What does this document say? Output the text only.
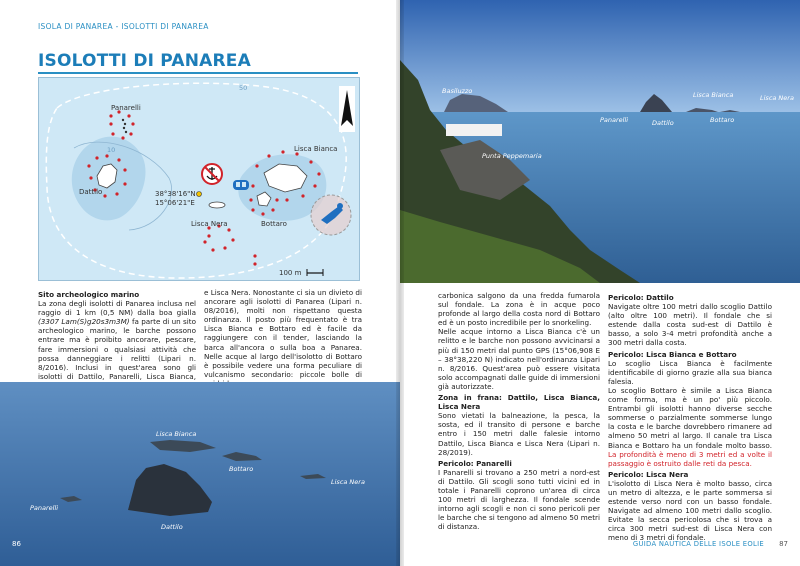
ISOLA DI PANAREA - ISOLOTTI DI PANAREA
ISOLOTTI DI PANAREA
Panarelli
Dattilo
Lisca Bianca
Lisca Nera	Bottaro
38°38'16"N
15°06'21"E
100 m
50
10

Sito archeologico marino

La zona degli isolotti di Panarea inclusa nel raggio di 1 km (0,5 NM) dalla boa gialla (3307 Lam(S)g20s3m3M) fa parte di un sito archeologico marino, le barche possono entrare ma è proibito ancorare, pescare, fare immersioni o qualsiasi attività che possa danneggiare i relitti (Lipari n. 8/2016). Inclusi in quest'area sono gli isolotti di Dattilo, Panarelli, Lisca Bianca,

e Lisca Nera. Nonostante ci sia un divieto di ancorare agli isolotti di Panarea (Lipari n. 08/2016), molti non rispettano questa ordinanza. Il posto più frequentato è tra Lisca Bianca e Bottaro ed è facile da raggiungere con il tender, lasciando la barca all'ancora o sulla boa a Panarea. Nelle acque al largo dell'isolotto di Bottaro è possibile vedere una forma peculiare di vulcanismo secondario: piccole bolle di

Lisca Bianca
Bottaro
Lisca Nera
Panarelli
Dattilo
86
Basiluzzo
Panarelli	Dattilo
Lisca Bianca
Bottaro
Lisca Nera
Punta Peppemaria

carbonica salgono da una fredda fumarola sul fondale. La zona è in acque poco profonde al largo della costa nord di Bottaro ed è un posto incredibile per lo snorkeling.

Nelle acque intorno a Lisca Bianca c'è un relitto e le barche non possono avvicinarsi a più di 150 metri dal punto GPS (15°06,908 E – 38°38,220 N) indicato nell'ordinanza Lipari n. 8/2016. Quest'area può essere visitata solo accompagnati dalle guide di immersioni già autorizzate.

Zona in frana: Dattilo, Lisca Bianca, Lisca Nera

Sono vietati la balneazione, la pesca, la sosta, ed il transito di persone e barche entro i 150 metri dalle falesie intorno Dattilo, Lisca Bianca e Lisca Nera (Lipari n. 28/2019).

Pericolo: Panarelli

I Panarelli si trovano a 250 metri a nord-est di Dattilo. Gli scogli sono tutti vicini ed in totale i Panarelli coprono un'area di circa 100 metri di larghezza. Il fondale scende intorno agli scogli e non ci sono pericoli per le barche che si tengono ad almeno 50 metri di distanza.

Pericolo: Dattilo

Navigate oltre 100 metri dallo scoglio Dattilo (alto oltre 100 metri). Il fondale che si estende dalla costa sud-est di Dattilo è basso, a solo 3-4 metri profondità anche a 300 metri dalla costa.

Pericolo: Lisca Bianca e Bottaro

Lo scoglio Lisca Bianca è facilmente identificabile di giorno grazie alla sua bianca falesia.

Lo scoglio Bottaro è simile a Lisca Bianca come forma, ma è un po' più piccolo. Entrambi gli isolotti hanno diverse secche sommerse o parzialmente sommerse lungo la costa e le barche dovrebbero rimanere ad almeno 50 metri al largo. Il canale tra Lisca Bianca e Bottaro ha un fondale molto basso. La profondità è meno di 3 metri ed a volte il passaggio è ostruito dalle reti da pesca.

Pericolo: Lisca Nera

L'isolotto di Lisca Nera è molto basso, circa un metro di altezza, e le parte sommersa si estende verso nord con un basso fondale. Navigate ad almeno 100 metri dallo scoglio. Evitate la secca pericolosa che si trova a circa 300 metri sud-est di Lisca Nera con meno di 3 metri di fondale.

GUIDA NAUTICA DELLE ISOLE EOLIE 87
